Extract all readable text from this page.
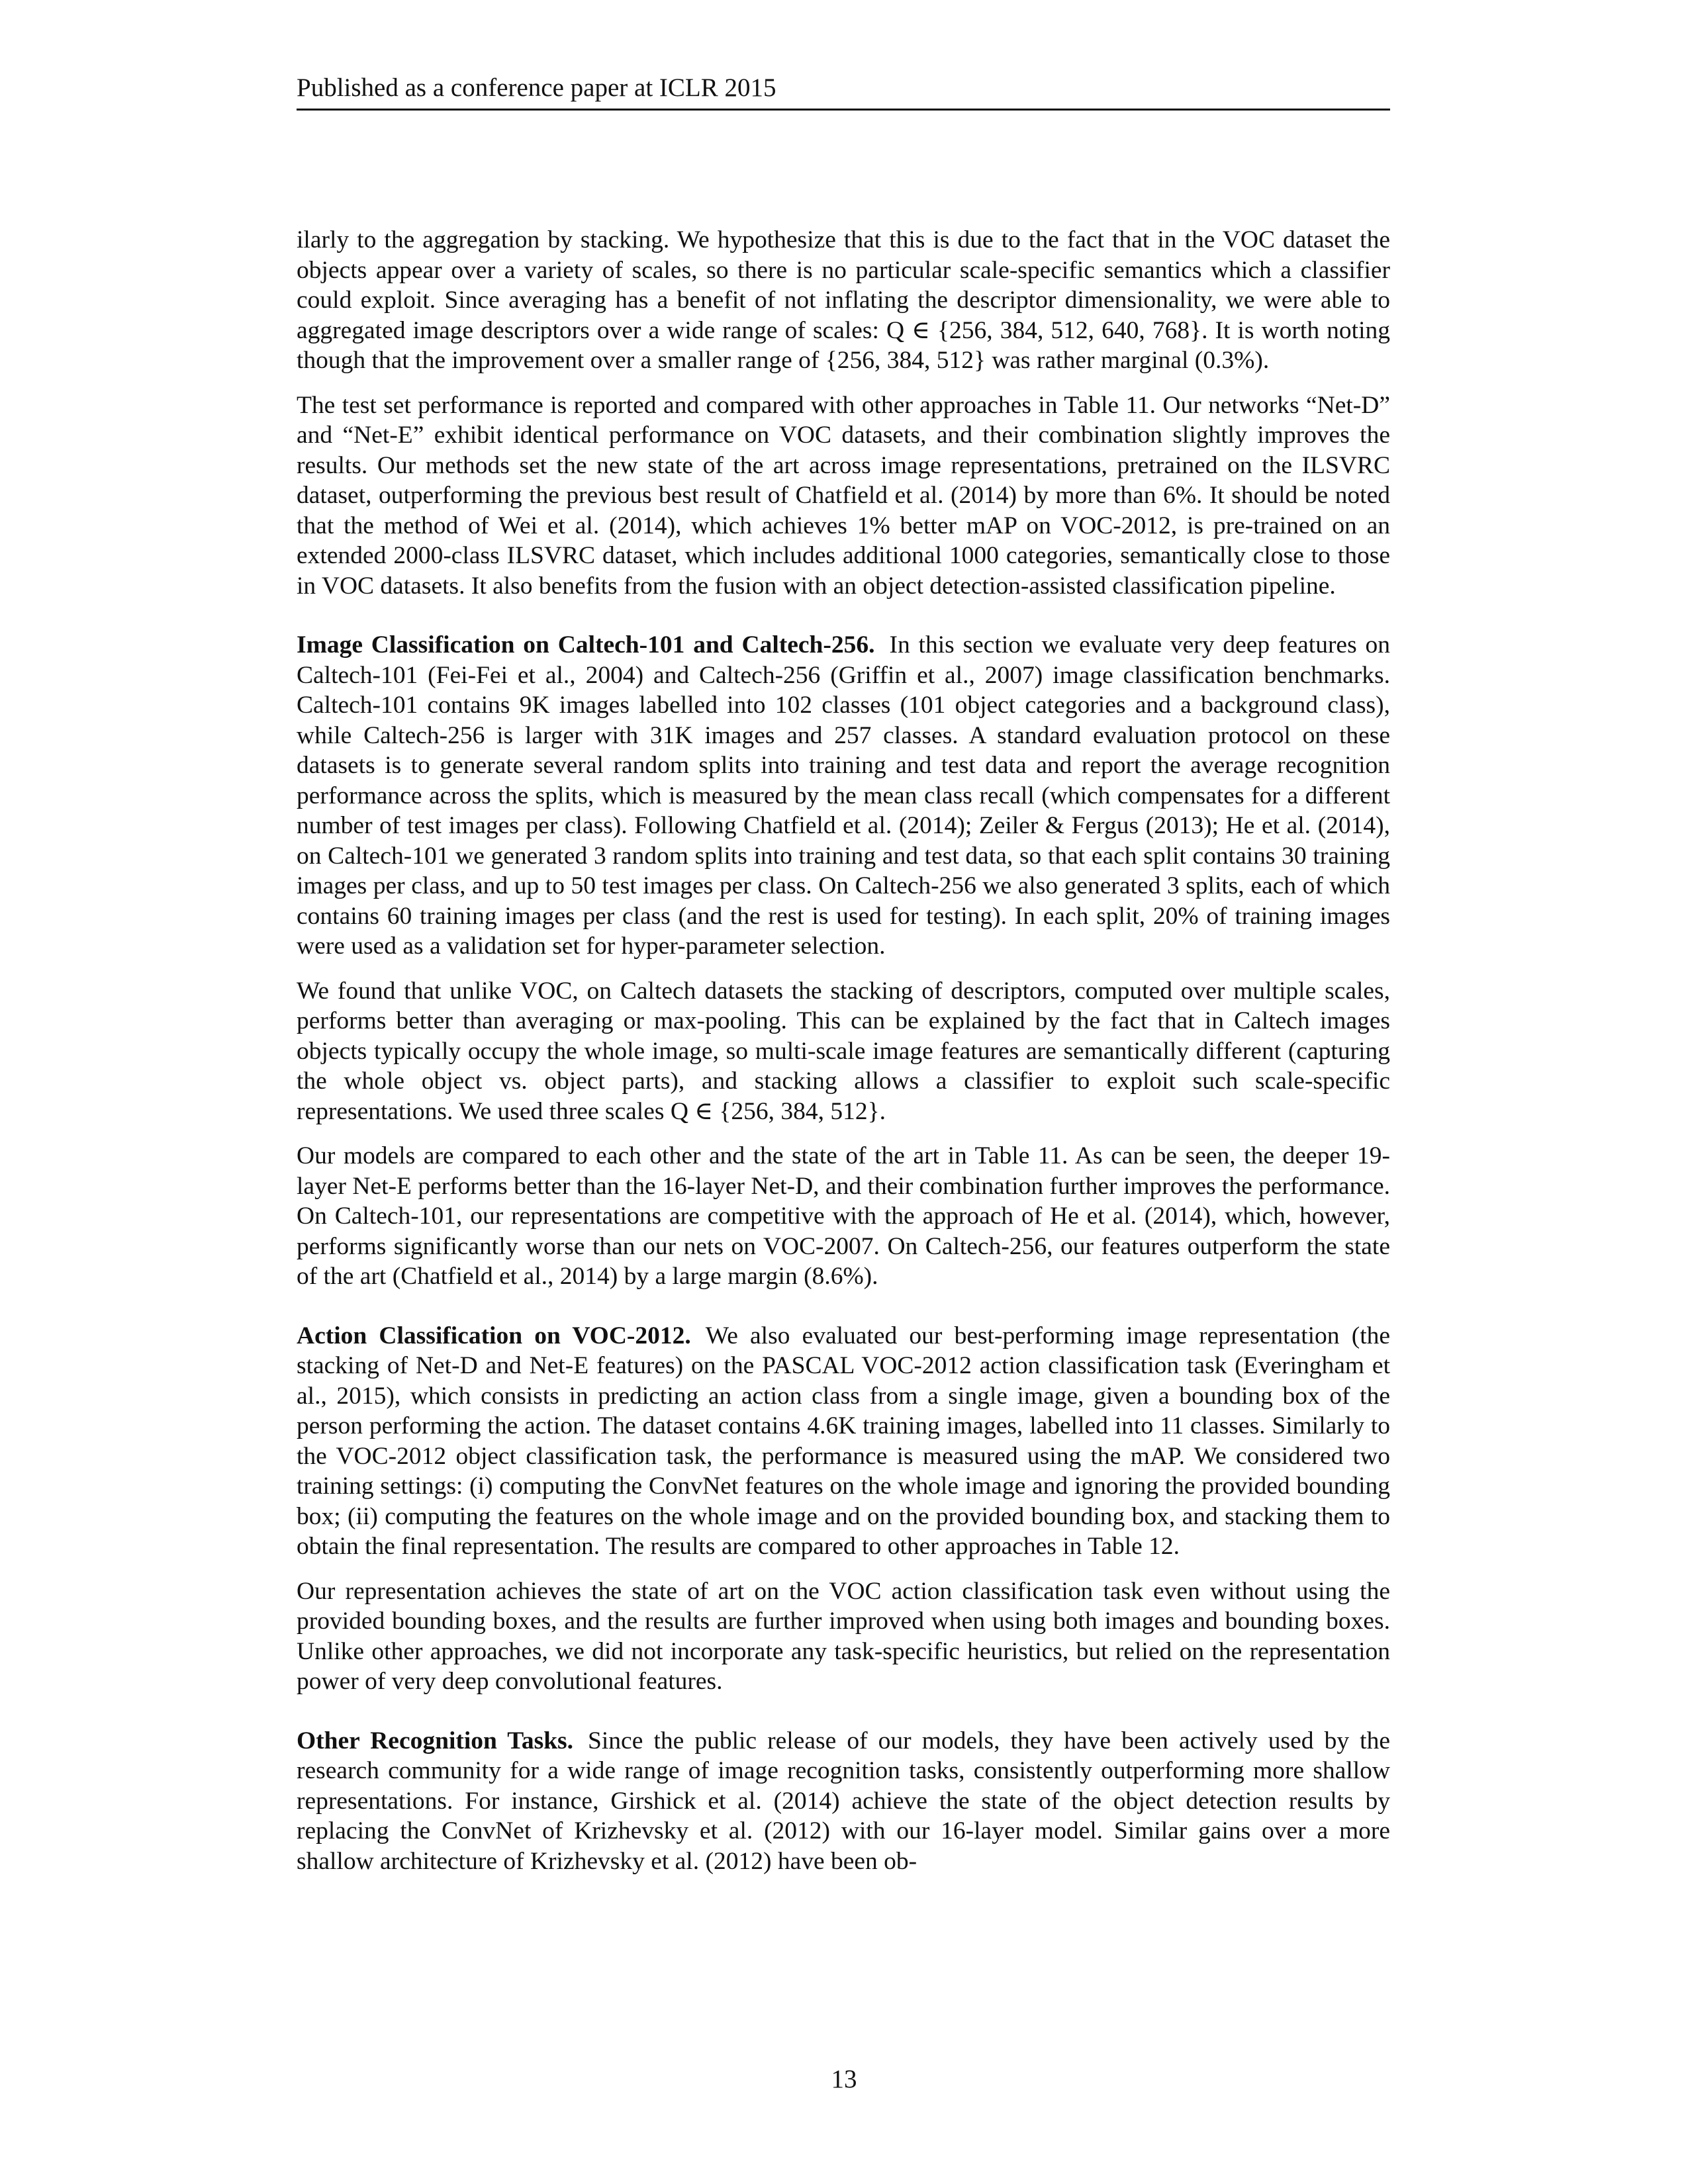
Published as a conference paper at ICLR 2015

ilarly to the aggregation by stacking. We hypothesize that this is due to the fact that in the VOC dataset the objects appear over a variety of scales, so there is no particular scale-specific semantics which a classifier could exploit. Since averaging has a benefit of not inflating the descriptor dimensionality, we were able to aggregated image descriptors over a wide range of scales: Q ∈ {256, 384, 512, 640, 768}. It is worth noting though that the improvement over a smaller range of {256, 384, 512} was rather marginal (0.3%).

The test set performance is reported and compared with other approaches in Table 11. Our networks “Net-D” and “Net-E” exhibit identical performance on VOC datasets, and their combination slightly improves the results. Our methods set the new state of the art across image representations, pretrained on the ILSVRC dataset, outperforming the previous best result of Chatfield et al. (2014) by more than 6%. It should be noted that the method of Wei et al. (2014), which achieves 1% better mAP on VOC-2012, is pre-trained on an extended 2000-class ILSVRC dataset, which includes additional 1000 categories, semantically close to those in VOC datasets. It also benefits from the fusion with an object detection-assisted classification pipeline.

Image Classification on Caltech-101 and Caltech-256. In this section we evaluate very deep features on Caltech-101 (Fei-Fei et al., 2004) and Caltech-256 (Griffin et al., 2007) image classification benchmarks. Caltech-101 contains 9K images labelled into 102 classes (101 object categories and a background class), while Caltech-256 is larger with 31K images and 257 classes. A standard evaluation protocol on these datasets is to generate several random splits into training and test data and report the average recognition performance across the splits, which is measured by the mean class recall (which compensates for a different number of test images per class). Following Chatfield et al. (2014); Zeiler & Fergus (2013); He et al. (2014), on Caltech-101 we generated 3 random splits into training and test data, so that each split contains 30 training images per class, and up to 50 test images per class. On Caltech-256 we also generated 3 splits, each of which contains 60 training images per class (and the rest is used for testing). In each split, 20% of training images were used as a validation set for hyper-parameter selection.

We found that unlike VOC, on Caltech datasets the stacking of descriptors, computed over multiple scales, performs better than averaging or max-pooling. This can be explained by the fact that in Caltech images objects typically occupy the whole image, so multi-scale image features are semantically different (capturing the whole object vs. object parts), and stacking allows a classifier to exploit such scale-specific representations. We used three scales Q ∈ {256, 384, 512}.

Our models are compared to each other and the state of the art in Table 11. As can be seen, the deeper 19-layer Net-E performs better than the 16-layer Net-D, and their combination further improves the performance. On Caltech-101, our representations are competitive with the approach of He et al. (2014), which, however, performs significantly worse than our nets on VOC-2007. On Caltech-256, our features outperform the state of the art (Chatfield et al., 2014) by a large margin (8.6%).

Action Classification on VOC-2012. We also evaluated our best-performing image representation (the stacking of Net-D and Net-E features) on the PASCAL VOC-2012 action classification task (Everingham et al., 2015), which consists in predicting an action class from a single image, given a bounding box of the person performing the action. The dataset contains 4.6K training images, labelled into 11 classes. Similarly to the VOC-2012 object classification task, the performance is measured using the mAP. We considered two training settings: (i) computing the ConvNet features on the whole image and ignoring the provided bounding box; (ii) computing the features on the whole image and on the provided bounding box, and stacking them to obtain the final representation. The results are compared to other approaches in Table 12.

Our representation achieves the state of art on the VOC action classification task even without using the provided bounding boxes, and the results are further improved when using both images and bounding boxes. Unlike other approaches, we did not incorporate any task-specific heuristics, but relied on the representation power of very deep convolutional features.

Other Recognition Tasks. Since the public release of our models, they have been actively used by the research community for a wide range of image recognition tasks, consistently outperforming more shallow representations. For instance, Girshick et al. (2014) achieve the state of the object detection results by replacing the ConvNet of Krizhevsky et al. (2012) with our 16-layer model. Similar gains over a more shallow architecture of Krizhevsky et al. (2012) have been ob-

13
